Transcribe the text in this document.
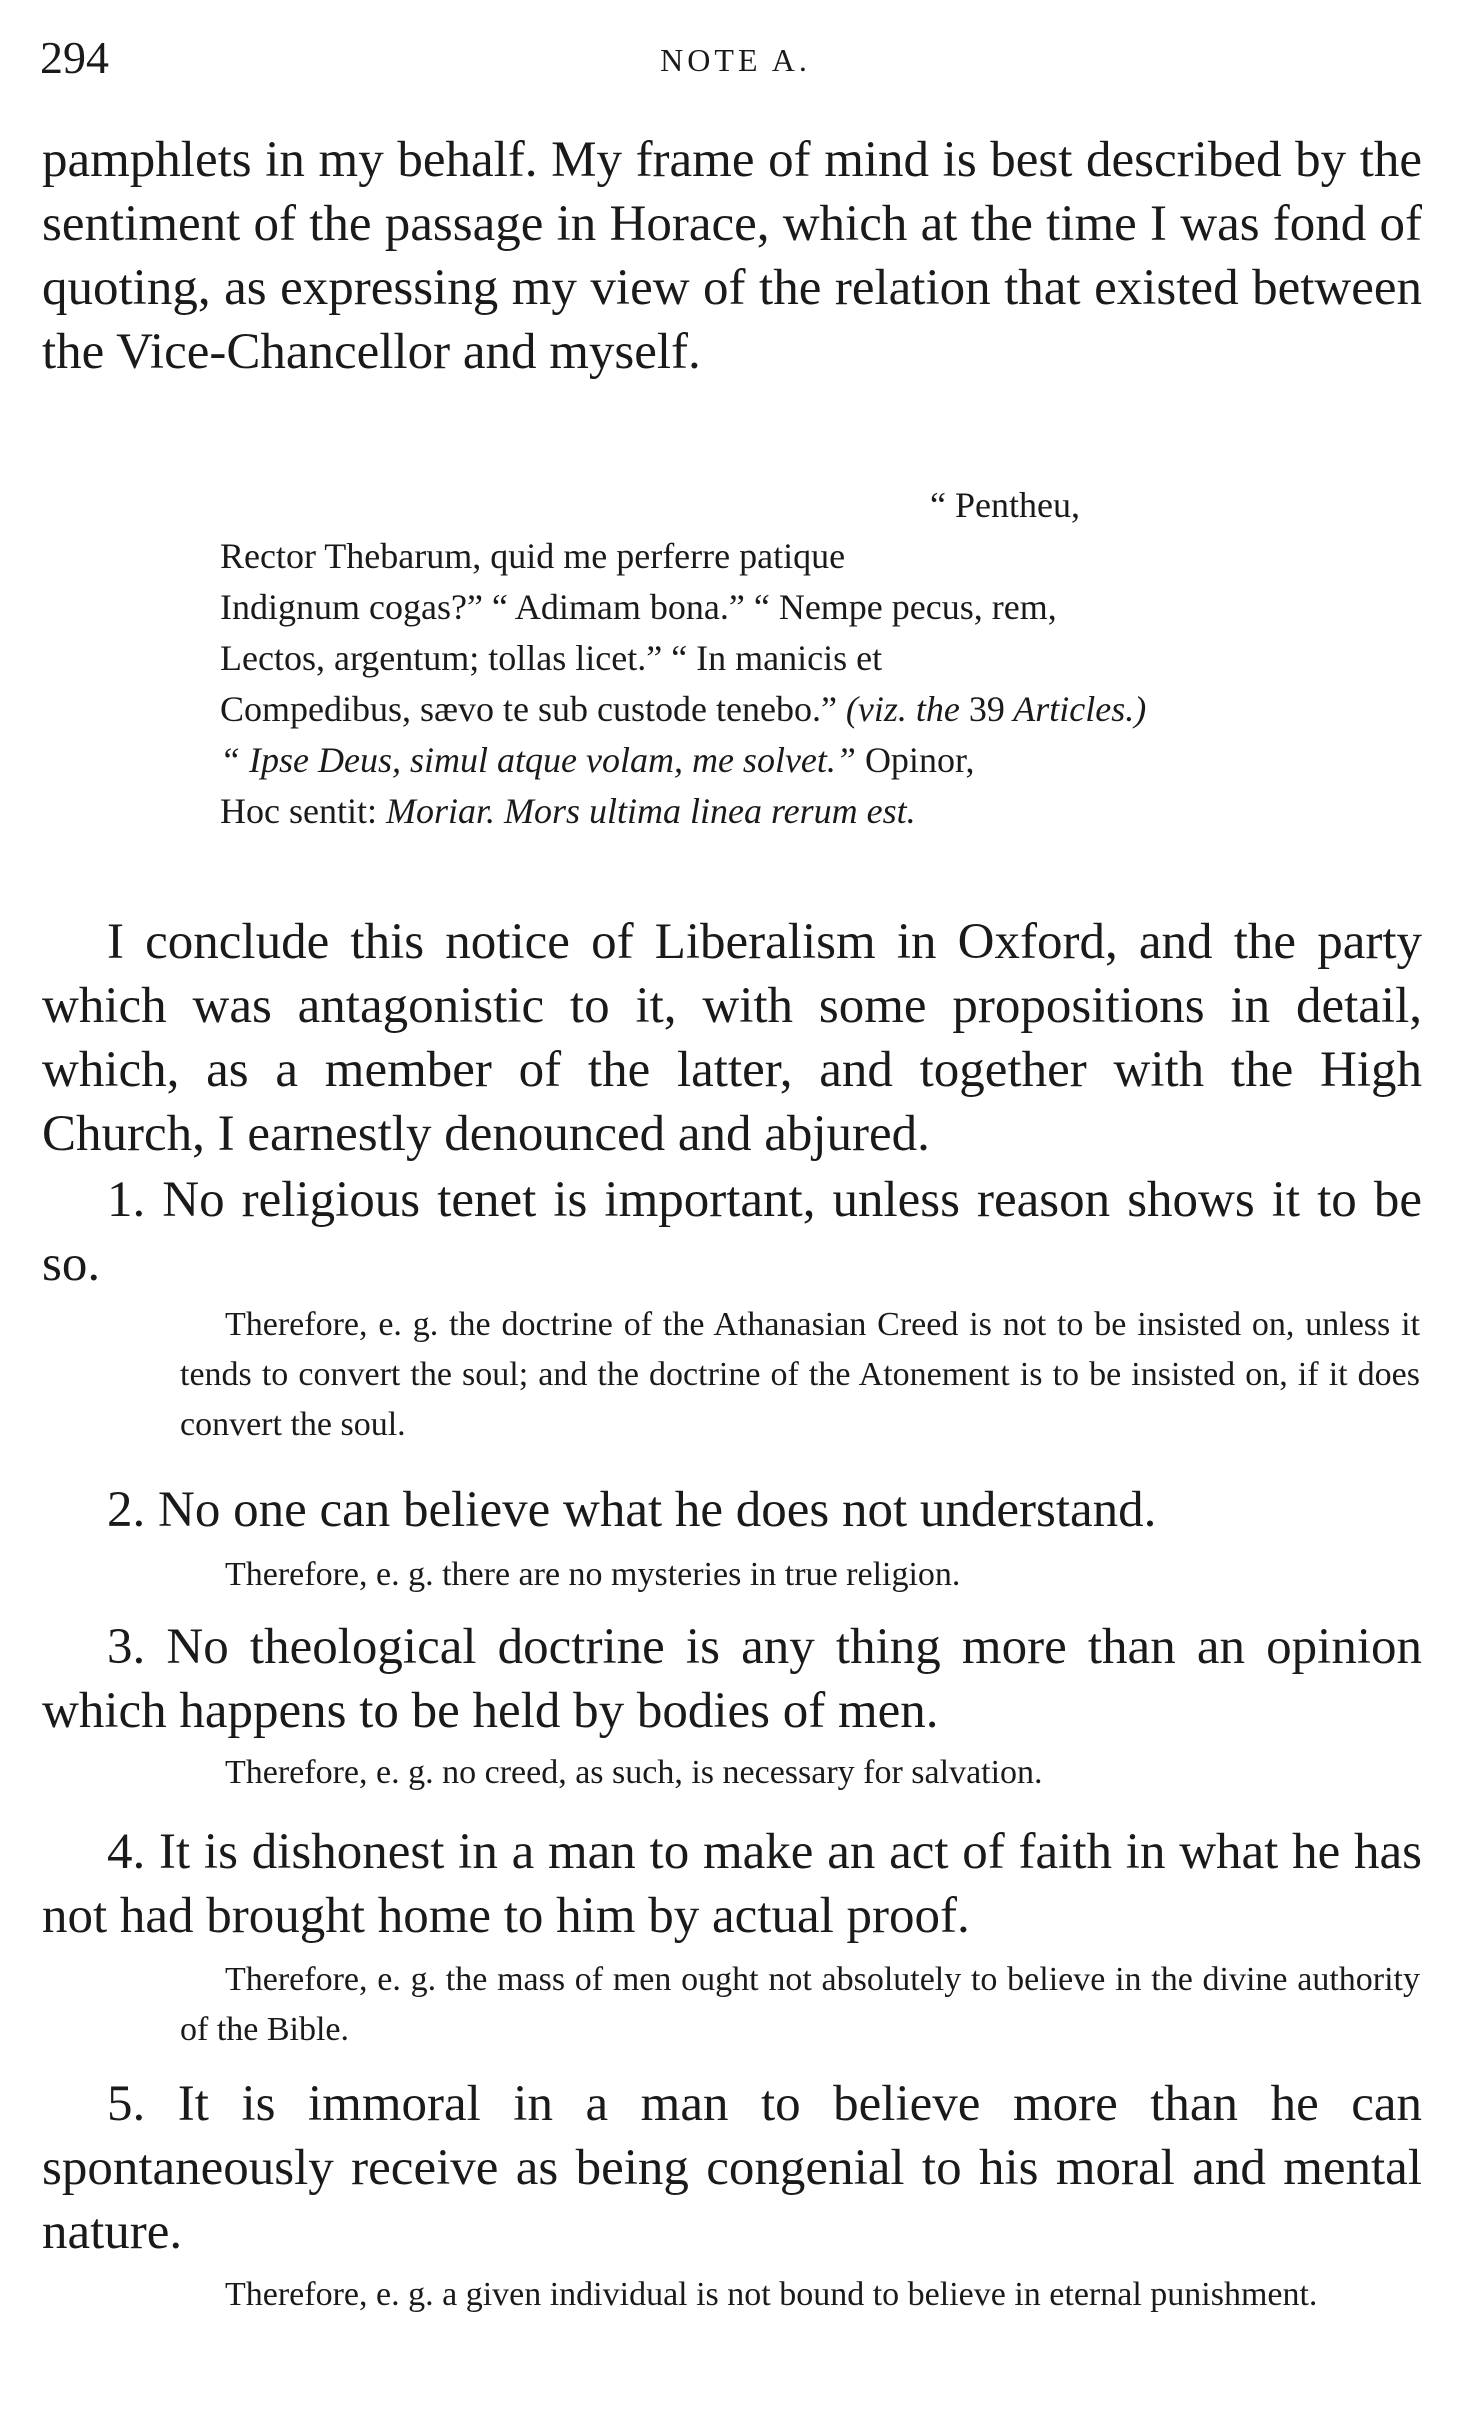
294	NOTE A.

pamphlets in my behalf. My frame of mind is best described by the sentiment of the passage in Horace, which at the time I was fond of quoting, as expressing my view of the relation that existed between the Vice-Chancellor and myself.

“ Pentheu,
Rector Thebarum, quid me perferre patique
Indignum cogas?” “ Adimam bona.” “ Nempe pecus, rem,
Lectos, argentum; tollas licet.” “ In manicis et
Compedibus, sævo te sub custode tenebo.” (viz. the 39 Articles.)
“ Ipse Deus, simul atque volam, me solvet.” Opinor,
Hoc sentit: Moriar. Mors ultima linea rerum est.

I conclude this notice of Liberalism in Oxford, and the party which was antagonistic to it, with some propositions in detail, which, as a member of the latter, and together with the High Church, I earnestly denounced and abjured.

1. No religious tenet is important, unless reason shows it to be so.

Therefore, e. g. the doctrine of the Athanasian Creed is not to be insisted on, unless it tends to convert the soul; and the doctrine of the Atonement is to be insisted on, if it does convert the soul.

2. No one can believe what he does not understand.

Therefore, e. g. there are no mysteries in true religion.

3. No theological doctrine is any thing more than an opinion which happens to be held by bodies of men.

Therefore, e. g. no creed, as such, is necessary for salvation.

4. It is dishonest in a man to make an act of faith in what he has not had brought home to him by actual proof.

Therefore, e. g. the mass of men ought not absolutely to believe in the divine authority of the Bible.

5. It is immoral in a man to believe more than he can spontaneously receive as being congenial to his moral and mental nature.

Therefore, e. g. a given individual is not bound to believe in eternal punishment.
